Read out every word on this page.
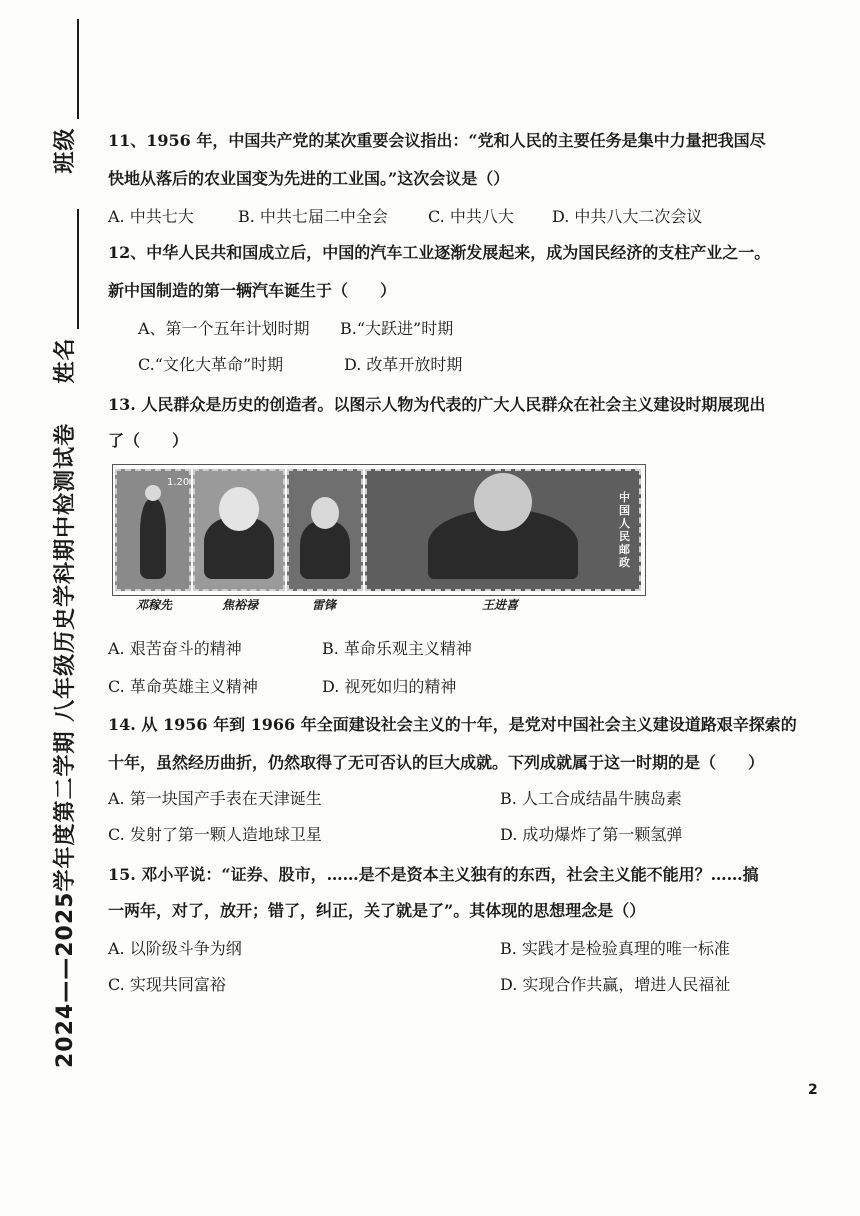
2024——2025学年度第二学期 八年级历史学科期中检测试卷  姓名   班级 11、1956 年，中国共产党的某次重要会议指出：“党和人民的主要任务是集中力量把我国尽
快地从落后的农业国变为先进的工业国。”这次会议是（）
A. 中共七大	B. 中共七届二中全会	C. 中共八大 D. 中共八大二次会议
12、中华人民共和国成立后，中国的汽车工业逐渐发展起来，成为国民经济的支柱产业之一。
新中国制造的第一辆汽车诞生于（　　）
A、第一个五年计划时期 B.“大跃进”时期
C.“文化大革命”时期	D. 改革开放时期
13. 人民群众是历史的创造者。以图示人物为代表的广大人民群众在社会主义建设时期展现出
了（　　）
1.20
中国人民邮政
邓稼先	焦裕禄	雷锋	王进喜
A. 艰苦奋斗的精神	B. 革命乐观主义精神
C. 革命英雄主义精神	D. 视死如归的精神
14. 从 1956 年到 1966 年全面建设社会主义的十年，是党对中国社会主义建设道路艰辛探索的
十年，虽然经历曲折，仍然取得了无可否认的巨大成就。下列成就属于这一时期的是（　　）
A. 第一块国产手表在天津诞生	B. 人工合成结晶牛胰岛素
C. 发射了第一颗人造地球卫星	D. 成功爆炸了第一颗氢弹
15. 邓小平说：“证券、股市，……是不是资本主义独有的东西，社会主义能不能用？……搞
一两年，对了，放开；错了，纠正，关了就是了”。其体现的思想理念是（）
A. 以阶级斗争为纲	B. 实践才是检验真理的唯一标准
C. 实现共同富裕	D. 实现合作共赢，增进人民福祉
2
